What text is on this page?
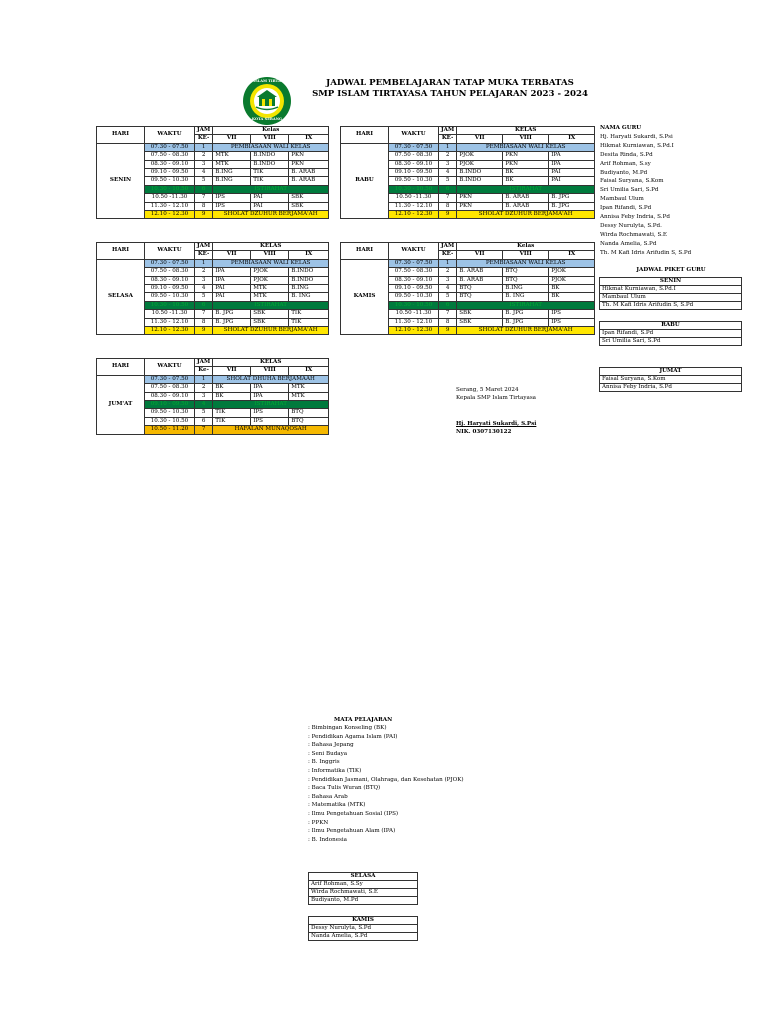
SMP ISLAM TIRTAYASA
KOTA SERANG
JADWAL PEMBELAJARAN TATAP MUKA TERBATAS
SMP ISLAM TIRTAYASA TAHUN PELAJARAN 2023 - 2024
HARI	WAKTU	JAM	Kelas		
		KE-	VII	VIII	IX
SENIN	07.30 - 07.50	1	PEMBIASAAN WALI KELAS		
	07.50 - 08.30	2	MTK	B.INDO	PKN
	08.30 - 09.10	3	MTK	B.INDO	PKN
	09.10 - 09.50	4	B.ING	TIK	B. ARAB
	09.50 - 10.30	5	B.ING	TIK	B. ARAB
	10.30 - 10.50	6	ISTIRAHAT		
	10.50 -11.30	7	IPS	PAI	SBK
	11.30 - 12.10	8	IPS	PAI	SBK
	12.10 - 12.30	9	SHOLAT DZUHUR BERJAMA'AH		
HARI	WAKTU	JAM	KELAS		
		KE-	VII	VIII	IX
RABU	07.30 - 07.50	1	PEMBIASAAN WALI KELAS		
	07.50 - 08.30	2	PJOK	PKN	IPA
	08.30 - 09.10	3	PJOK	PKN	IPA
	09.10 - 09.50	4	B.INDO	BK	PAI
	09.50 - 10.30	5	B.INDO	BK	PAI
	10.30 - 10.50	6	ISTIRAHAT		
	10.50 -11.30	7	PKN	B. ARAB	B. JPG
	11.30 - 12.10	8	PKN	B. ARAB	B. JPG
	12.10 - 12.30	9	SHOLAT DZUHUR BERJAMA'AH		
HARI	WAKTU	JAM	KELAS		
		KE-	VII	VIII	IX
SELASA	07.30 - 07.50	1	PEMBIASAAN WALI KELAS		
	07.50 - 08.30	2	IPA	PJOK	B.INDO
	08.30 - 09.10	3	IPA	PJOK	B.INDO
	09.10 - 09.50	4	PAI	MTK	B.ING
	09.50 - 10.30	5	PAI	MTK	B. ING
	10.30 - 10.50	6	ISTIRAHAT		
	10.50 -11.30	7	B. JPG	SBK	TIK
	11.30 - 12.10	8	B. JPG	SBK	TIK
	12.10 - 12.30	9	SHOLAT DZUHUR BERJAMA'AH		
HARI	WAKTU	JAM	Kelas		
		KE-	VII	VIII	IX
KAMIS	07.30 - 07.50	1	PEMBIASAAN WALI KELAS		
	07.50 - 08.30	2	B. ARAB	BTQ	PJOK
	08.30 - 09.10	3	B. ARAB	BTQ	PJOK
	09.10 - 09.50	4	BTQ	B.ING	BK
	09.50 - 10.30	5	BTQ	B. ING	BK
	10.30 - 10.50	6	ISTIRAHAT		
	10.50 -11.30	7	SBK	B. JPG	IPS
	11.30 - 12.10	8	SBK	B. JPG	IPS
	12.10 - 12.30	9	SHOLAT DZUHUR BERJAMA'AH		
HARI	WAKTU	JAM	KELAS		
		Ke-	VII	VIII	IX
JUM'AT	07.30 - 07.50	1	SHOLAT DHUHA BERJAMAAH		
	07.50 - 08.30	2	BK	IPA	MTK
	08.30 - 09.10	3	BK	IPA	MTK
	09.10 - 09.50	4	ISTIRAHAT		
	09.50 - 10.30	5	TIK	IPS	BTQ
	10.30 - 10.50	6	TIK	IPS	BTQ
	10.50 - 11.20	7	HAFALAN MUNAQOSAH		
NAMA GURU
Hj. Haryati Sukardi, S.Psi
Hikmat Kurniawan, S.Pd.I
Desita Rinda, S.Pd
Arif Rohman, S.sy
Budiyanto, M.Pd
Faisal Suryana, S.Kom
Sri Umilia Sari, S.Pd
Mambaul Ulum
Ipan Rifandi, S.Pd
Annisa Feby Indria, S.Pd
Dessy Nurulyta, S.Pd.
Wirda Rochmawati, S.E
Nanda Amelia, S.Pd
Th. M Kafi Idris Arifudin S, S.Pd
JADWAL PIKET GURU
SENIN
Hikmat Kurniawan, S.Pd.I
Mambaul Ulum
Th. M Kafi Idris Arifudin S, S.Pd
RABU
Ipan Rifandi, S.Pd
Sri Umilia Sari, S.Pd
JUMAT
Faisal Suryana, S.Kom
Annisa Feby Indria, S.Pd
Serang, 5 Maret 2024
Kepala SMP Islam Tirtayasa
Hj. Haryati Sukardi, S.Psi
NIK. 0307130122
MATA PELAJARAN
: Bimbingan Konseling (BK)
: Pendidikan Agama Islam (PAI)
: Bahasa Jepang
: Seni Budaya
: B. Inggris
: Informatika (TIK)
: Pendidikan Jasmani, Olahraga, dan Kesehatan (PJOK)
: Baca Tulis Wuran (BTQ)
: Bahasa Arab
: Matematika (MTK)
: Ilmu Pengetahuan Sosial (IPS)
: PPKN
: Ilmu Pengetahuan Alam (IPA)
: B. Indonesia
SELASA
Arif Rohman, S.Sy
Wirda Rochmawati, S.E
Budiyanto, M.Pd
KAMIS
Dessy Nurulyta, S.Pd
Nanda Amelia, S.Pd
